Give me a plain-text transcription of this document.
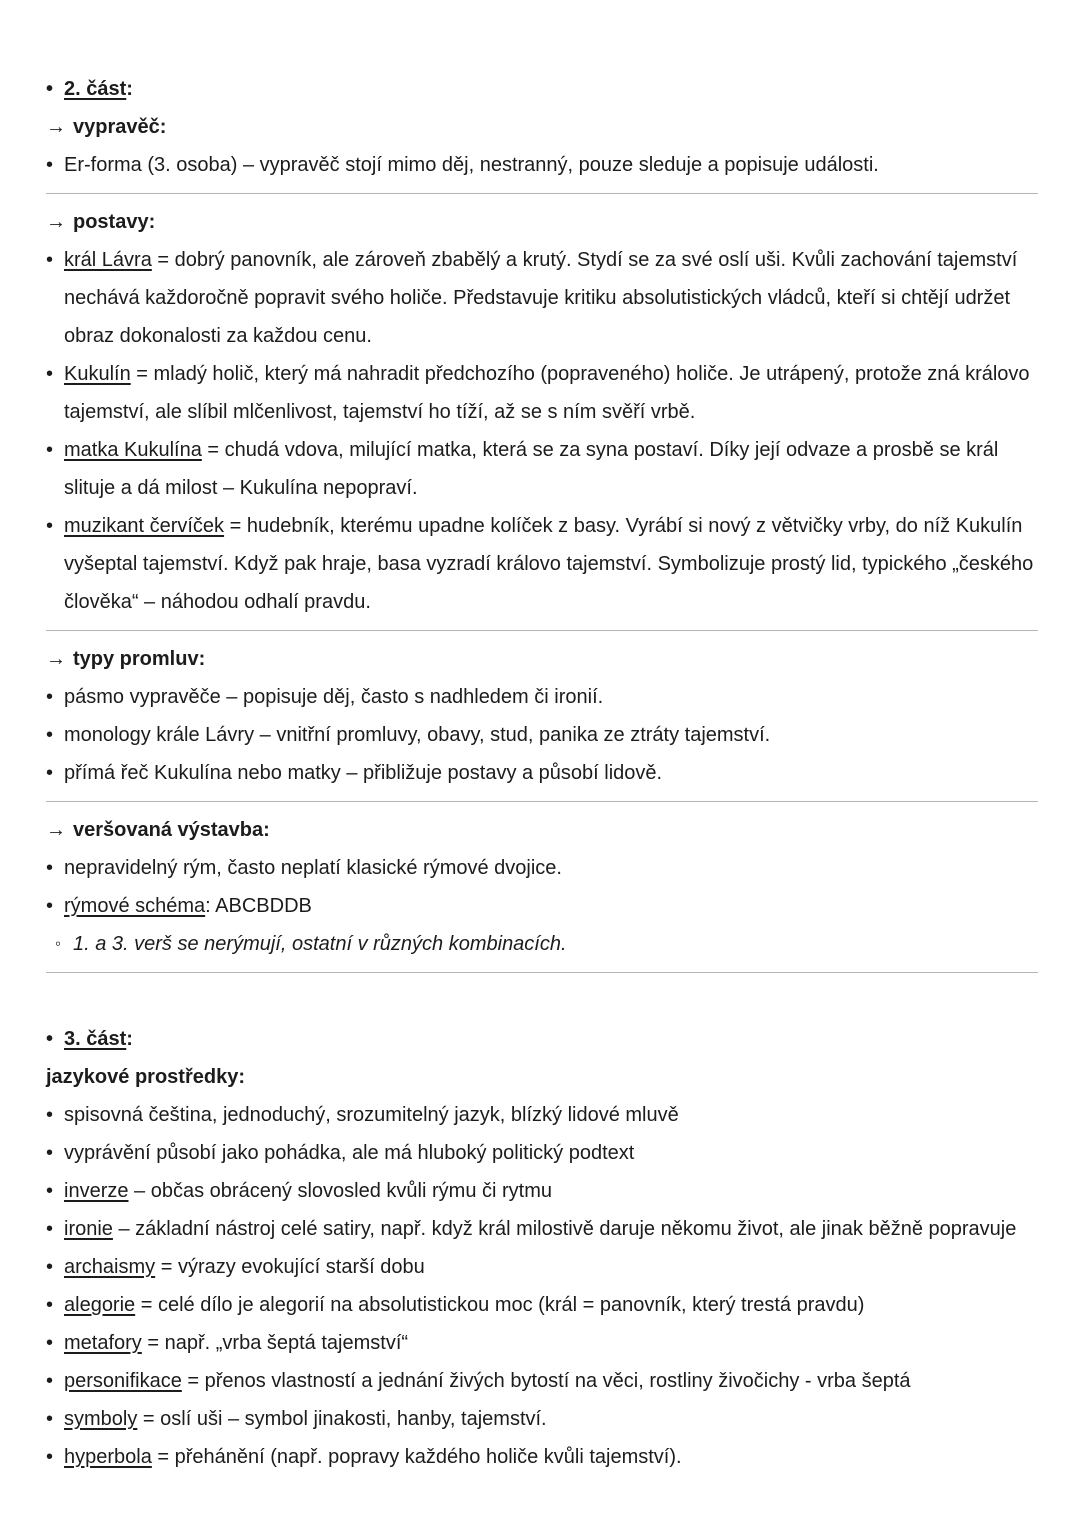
• 2. část:
→ vypravěč:
• Er-forma (3. osoba) – vypravěč stojí mimo děj, nestranný, pouze sleduje a popisuje události.
→ postavy:
• král Lávra = dobrý panovník, ale zároveň zbabělý a krutý. Stydí se za své oslí uši. Kvůli zachování tajemství nechává každoročně popravit svého holiče. Představuje kritiku absolutistických vládců, kteří si chtějí udržet obraz dokonalosti za každou cenu.
• Kukulín = mladý holič, který má nahradit předchozího (popraveného) holiče. Je utrápený, protože zná královo tajemství, ale slíbil mlčenlivost, tajemství ho tíží, až se s ním svěří vrbě.
• matka Kukulína = chudá vdova, milující matka, která se za syna postaví. Díky její odvaze a prosbě se král slituje a dá milost – Kukulína nepopraví.
• muzikant červíček = hudebník, kterému upadne kolíček z basy. Vyrábí si nový z větvičky vrby, do níž Kukulín vyšeptal tajemství. Když pak hraje, basa vyzradí královo tajemství. Symbolizuje prostý lid, typického „českého člověka“ – náhodou odhalí pravdu.
→ typy promluv:
• pásmo vypravěče – popisuje děj, často s nadhledem či ironií.
• monology krále Lávry – vnitřní promluvy, obavy, stud, panika ze ztráty tajemství.
• přímá řeč Kukulína nebo matky – přibližuje postavy a působí lidově.
→ veršovaná výstavba:
• nepravidelný rým, často neplatí klasické rýmové dvojice.
• rýmové schéma: ABCBDDB
◦ 1. a 3. verš se nerýmují, ostatní v různých kombinacích.
• 3. část:
jazykové prostředky:
• spisovná čeština, jednoduchý, srozumitelný jazyk, blízký lidové mluvě
• vyprávění působí jako pohádka, ale má hluboký politický podtext
• inverze – občas obrácený slovosled kvůli rýmu či rytmu
• ironie – základní nástroj celé satiry, např. když král milostivě daruje někomu život, ale jinak běžně popravuje
• archaismy = výrazy evokující starší dobu
• alegorie = celé dílo je alegorií na absolutistickou moc (král = panovník, který trestá pravdu)
• metafory = např. „vrba šeptá tajemství“
• personifikace = přenos vlastností a jednání živých bytostí na věci, rostliny živočichy - vrba šeptá
• symboly = oslí uši – symbol jinakosti, hanby, tajemství.
• hyperbola = přehánění (např. popravy každého holiče kvůli tajemství).
